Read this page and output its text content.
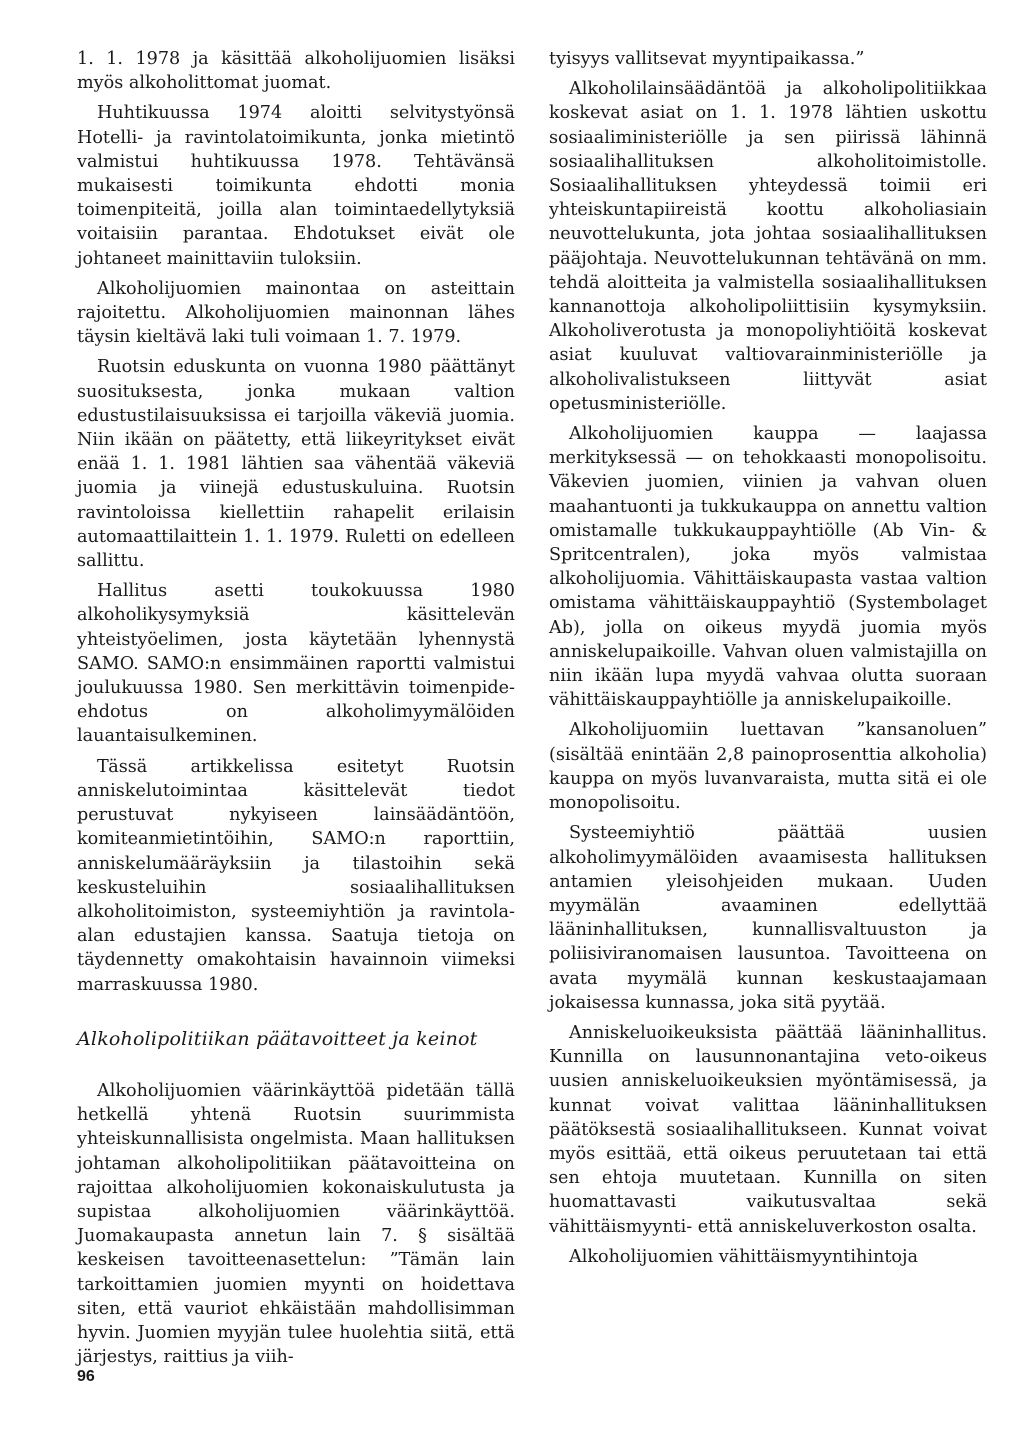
1. 1. 1978 ja käsittää alkoholijuomien lisäksi myös alkoholittomat juomat.

Huhtikuussa 1974 aloitti selvitystyönsä Hotelli- ja ravintolatoimikunta, jonka mietintö valmistui huhtikuussa 1978. Tehtävänsä mukaisesti toimikunta ehdotti monia toimenpiteitä, joilla alan toimintaedellytyksiä voitaisiin parantaa. Ehdotukset eivät ole johtaneet mainittaviin tuloksiin.

Alkoholijuomien mainontaa on asteittain rajoitettu. Alkoholijuomien mainonnan lähes täysin kieltävä laki tuli voimaan 1. 7. 1979.

Ruotsin eduskunta on vuonna 1980 päättänyt suosituksesta, jonka mukaan valtion edustustilaisuuksissa ei tarjoilla väkeviä juomia. Niin ikään on päätetty, että liikeyritykset eivät enää 1. 1. 1981 lähtien saa vähentää väkeviä juomia ja viinejä edustuskuluina. Ruotsin ravintoloissa kiellettiin rahapelit erilaisin automaattilaittein 1. 1. 1979. Ruletti on edelleen sallittu.

Hallitus asetti toukokuussa 1980 alkoholikysymyksiä käsittelevän yhteistyöelimen, josta käytetään lyhennystä SAMO. SAMO:n ensimmäinen raportti valmistui joulukuussa 1980. Sen merkittävin toimenpide-ehdotus on alkoholimyymälöiden lauantaisulkeminen.

Tässä artikkelissa esitetyt Ruotsin anniskelutoimintaa käsittelevät tiedot perustuvat nykyiseen lainsäädäntöön, komiteanmietintöihin, SAMO:n raporttiin, anniskelumääräyksiin ja tilastoihin sekä keskusteluihin sosiaalihallituksen alkoholitoimiston, systeemiyhtiön ja ravintola-alan edustajien kanssa. Saatuja tietoja on täydennetty omakohtaisin havainnoin viimeksi marraskuussa 1980.

Alkoholipolitiikan päätavoitteet ja keinot

Alkoholijuomien väärinkäyttöä pidetään tällä hetkellä yhtenä Ruotsin suurimmista yhteiskunnallisista ongelmista. Maan hallituksen johtaman alkoholipolitiikan päätavoitteina on rajoittaa alkoholijuomien kokonaiskulutusta ja supistaa alkoholijuomien väärinkäyttöä. Juomakaupasta annetun lain 7. § sisältää keskeisen tavoitteenasettelun: ”Tämän lain tarkoittamien juomien myynti on hoidettava siten, että vauriot ehkäistään mahdollisimman hyvin. Juomien myyjän tulee huolehtia siitä, että järjestys, raittius ja viih-

tyisyys vallitsevat myyntipaikassa.”

Alkoholilainsäädäntöä ja alkoholipolitiikkaa koskevat asiat on 1. 1. 1978 lähtien uskottu sosiaaliministeriölle ja sen piirissä lähinnä sosiaalihallituksen alkoholitoimistolle. Sosiaalihallituksen yhteydessä toimii eri yhteiskuntapiireistä koottu alkoholiasiain neuvottelukunta, jota johtaa sosiaalihallituksen pääjohtaja. Neuvottelukunnan tehtävänä on mm. tehdä aloitteita ja valmistella sosiaalihallituksen kannanottoja alkoholipoliittisiin kysymyksiin. Alkoholiverotusta ja monopoliyhtiöitä koskevat asiat kuuluvat valtiovarainministeriölle ja alkoholivalistukseen liittyvät asiat opetusministeriölle.

Alkoholijuomien kauppa — laajassa merkityksessä — on tehokkaasti monopolisoitu. Väkevien juomien, viinien ja vahvan oluen maahantuonti ja tukkukauppa on annettu valtion omistamalle tukkukauppayhtiölle (Ab Vin- & Spritcentralen), joka myös valmistaa alkoholijuomia. Vähittäiskaupasta vastaa valtion omistama vähittäiskauppayhtiö (Systembolaget Ab), jolla on oikeus myydä juomia myös anniskelupaikoille. Vahvan oluen valmistajilla on niin ikään lupa myydä vahvaa olutta suoraan vähittäiskauppayhtiölle ja anniskelupaikoille.

Alkoholijuomiin luettavan ”kansanoluen” (sisältää enintään 2,8 painoprosenttia alkoholia) kauppa on myös luvanvaraista, mutta sitä ei ole monopolisoitu.

Systeemiyhtiö päättää uusien alkoholimyymälöiden avaamisesta hallituksen antamien yleisohjeiden mukaan. Uuden myymälän avaaminen edellyttää lääninhallituksen, kunnallisvaltuuston ja poliisiviranomaisen lausuntoa. Tavoitteena on avata myymälä kunnan keskustaajamaan jokaisessa kunnassa, joka sitä pyytää.

Anniskeluoikeuksista päättää lääninhallitus. Kunnilla on lausunnonantajina veto-oikeus uusien anniskeluoikeuksien myöntämisessä, ja kunnat voivat valittaa lääninhallituksen päätöksestä sosiaalihallitukseen. Kunnat voivat myös esittää, että oikeus peruutetaan tai että sen ehtoja muutetaan. Kunnilla on siten huomattavasti vaikutusvaltaa sekä vähittäismyynti- että anniskeluverkoston osalta.

Alkoholijuomien vähittäismyyntihintoja

96
